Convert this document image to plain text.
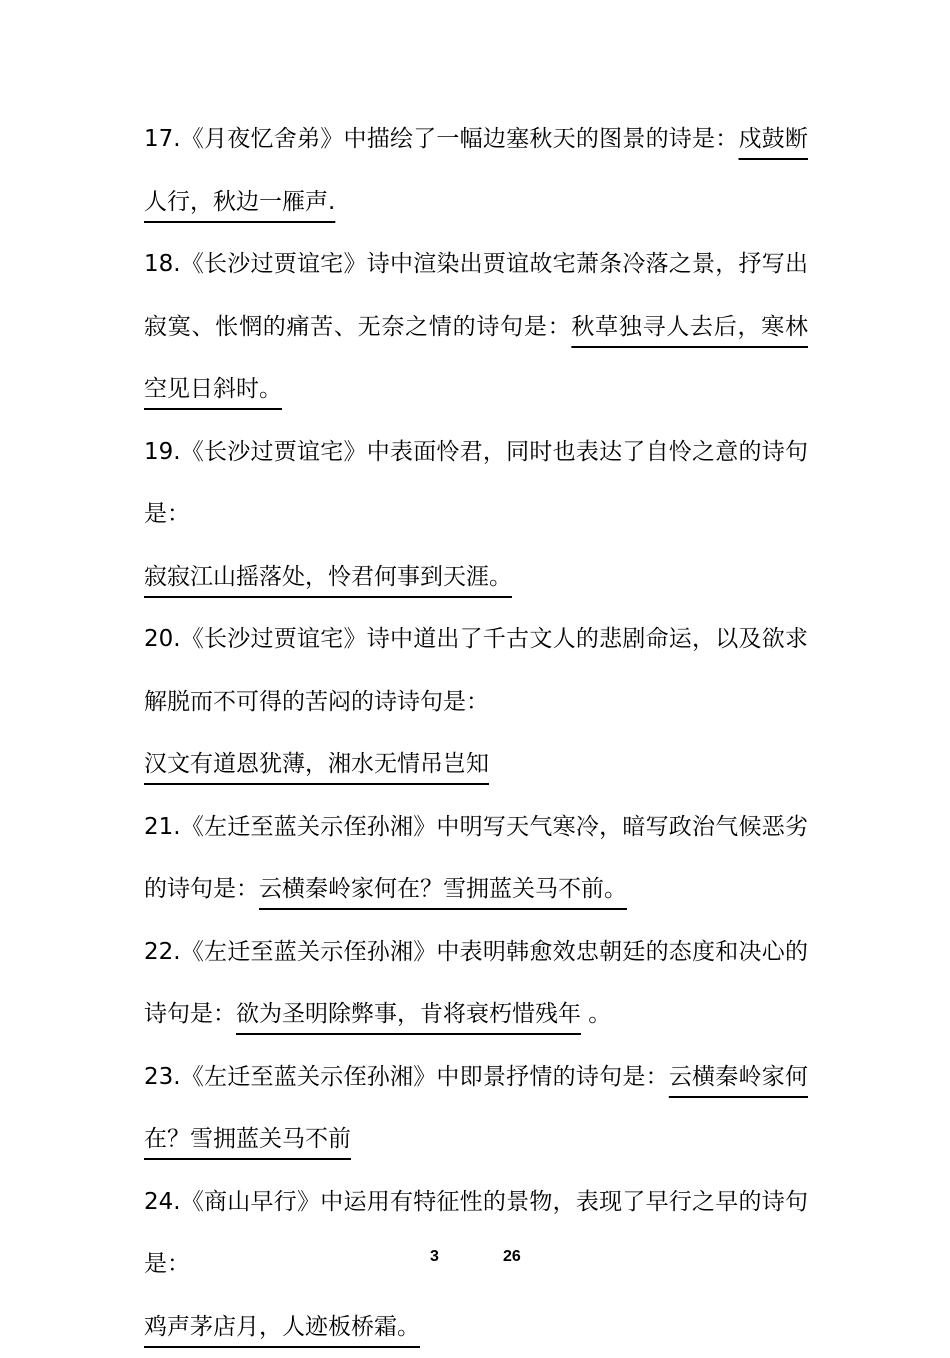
17.《月夜忆舍弟》中描绘了一幅边塞秋天的图景的诗是：戍鼓断人行，秋边一雁声.

18.《长沙过贾谊宅》诗中渲染出贾谊故宅萧条冷落之景，抒写出寂寞、怅惘的痛苦、无奈之情的诗句是：秋草独寻人去后，寒林空见日斜时。

19.《长沙过贾谊宅》中表面怜君，同时也表达了自怜之意的诗句是：
寂寂江山摇落处，怜君何事到天涯。

20.《长沙过贾谊宅》诗中道出了千古文人的悲剧命运，以及欲求解脱而不可得的苦闷的诗诗句是：
汉文有道恩犹薄，湘水无情吊岂知

21.《左迁至蓝关示侄孙湘》中明写天气寒冷，暗写政治气候恶劣的诗句是：云横秦岭家何在？雪拥蓝关马不前。

22.《左迁至蓝关示侄孙湘》中表明韩愈效忠朝廷的态度和决心的诗句是：欲为圣明除弊事，肯将衰朽惜残年 。

23.《左迁至蓝关示侄孙湘》中即景抒情的诗句是：云横秦岭家何在？雪拥蓝关马不前

24.《商山早行》中运用有特征性的景物，表现了早行之早的诗句是：
鸡声茅店月，人迹板桥霜。

3	26
